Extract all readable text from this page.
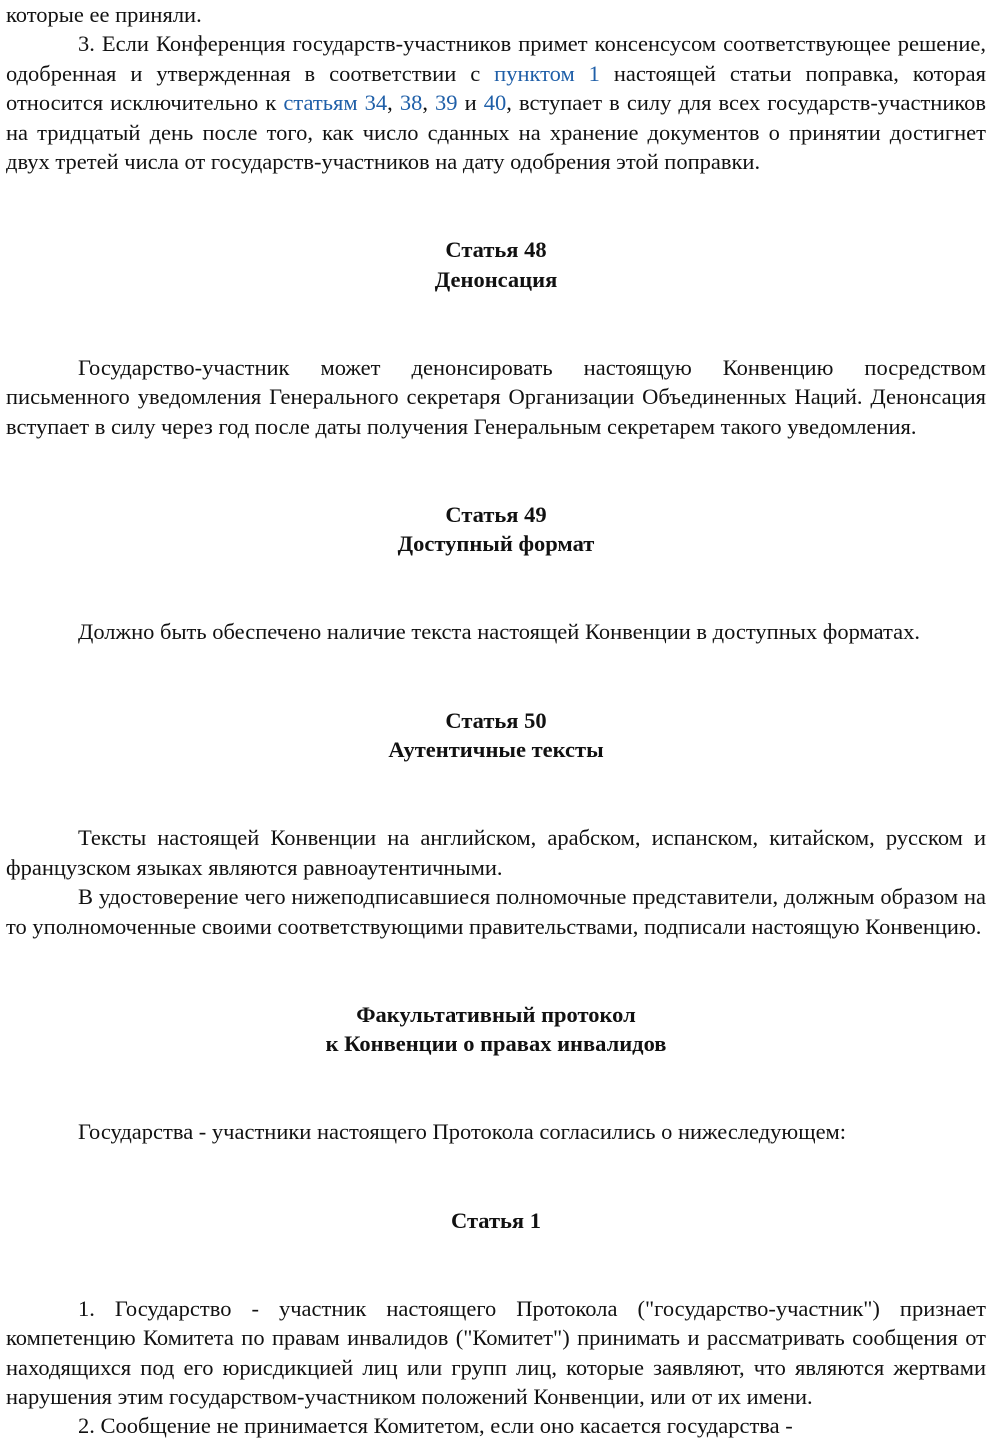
которые ее приняли.

3. Если Конференция государств-участников примет консенсусом соответствующее решение, одобренная и утвержденная в соответствии с пунктом 1 настоящей статьи поправка, которая относится исключительно к статьям 34, 38, 39 и 40, вступает в силу для всех государств-участников на тридцатый день после того, как число сданных на хранение документов о принятии достигнет двух третей числа от государств-участников на дату одобрения этой поправки.

Статья 48

Денонсация

Государство-участник может денонсировать настоящую Конвенцию посредством письменного уведомления Генерального секретаря Организации Объединенных Наций. Денонсация вступает в силу через год после даты получения Генеральным секретарем такого уведомления.

Статья 49

Доступный формат

Должно быть обеспечено наличие текста настоящей Конвенции в доступных форматах.

Статья 50

Аутентичные тексты

Тексты настоящей Конвенции на английском, арабском, испанском, китайском, русском и французском языках являются равноаутентичными.

В удостоверение чего нижеподписавшиеся полномочные представители, должным образом на то уполномоченные своими соответствующими правительствами, подписали настоящую Конвенцию.

Факультативный протокол

к Конвенции о правах инвалидов

Государства - участники настоящего Протокола согласились о нижеследующем:

Статья 1

1. Государство - участник настоящего Протокола ("государство-участник") признает компетенцию Комитета по правам инвалидов ("Комитет") принимать и рассматривать сообщения от находящихся под его юрисдикцией лиц или групп лиц, которые заявляют, что являются жертвами нарушения этим государством-участником положений Конвенции, или от их имени.

2. Сообщение не принимается Комитетом, если оно касается государства -
